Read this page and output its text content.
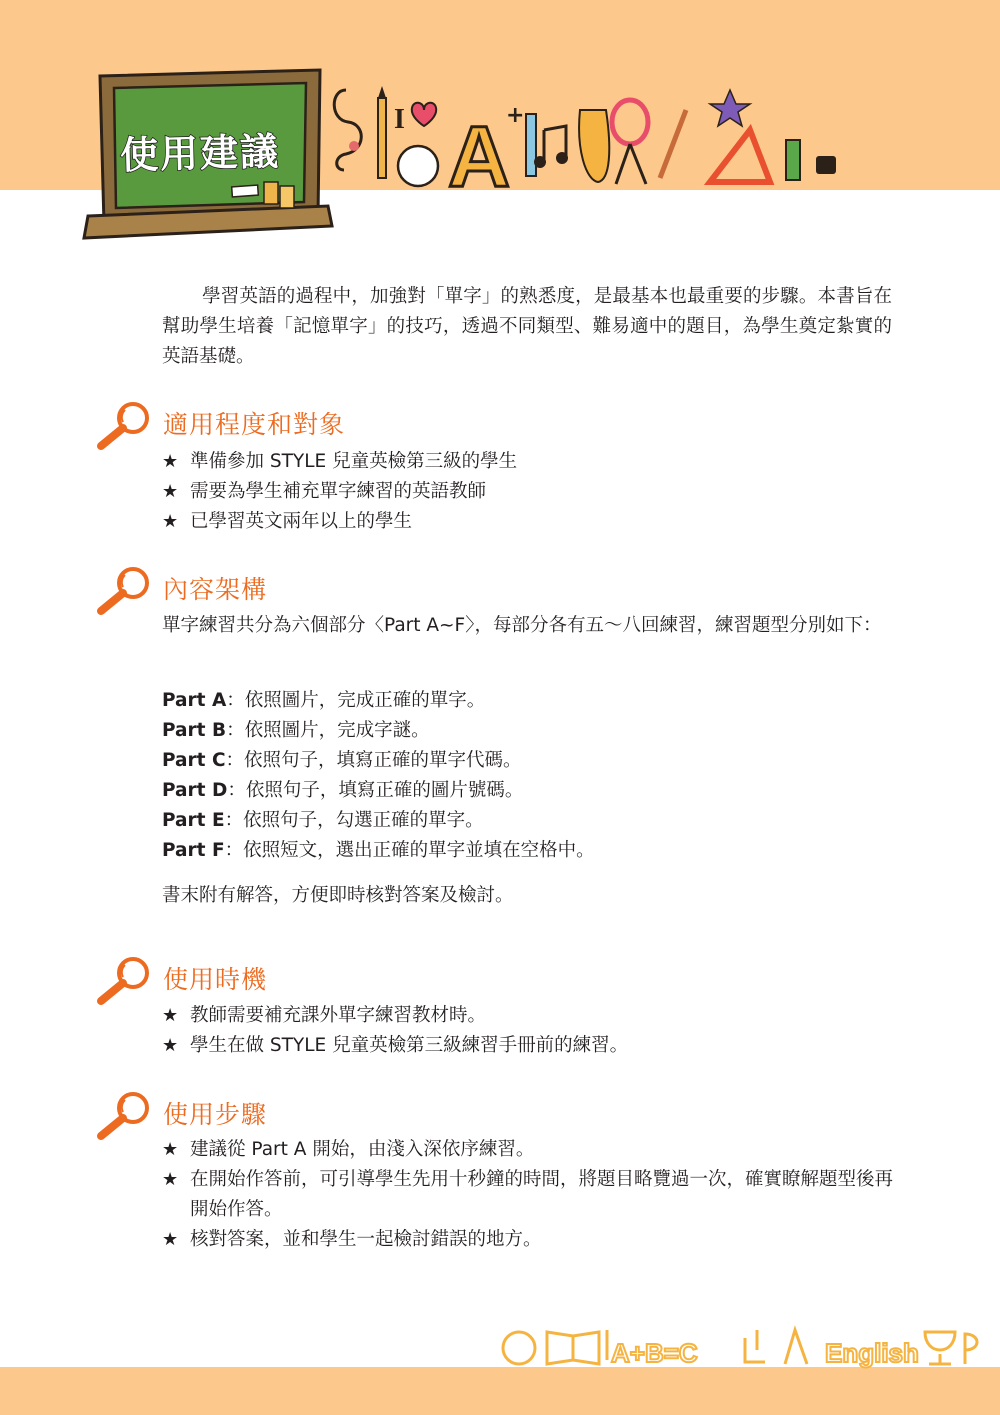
使用建議
I A
+
學習英語的過程中，加強對「單字」的熟悉度，是最基本也最重要的步驟。本書旨在幫助學生培養「記憶單字」的技巧，透過不同類型、難易適中的題目，為學生奠定紮實的英語基礎。
適用程度和對象
★ 準備參加 STYLE 兒童英檢第三級的學生
★ 需要為學生補充單字練習的英語教師
★ 已學習英文兩年以上的學生
內容架構
單字練習共分為六個部分〈Part A~F〉，每部分各有五～八回練習，練習題型分別如下：
Part A：依照圖片，完成正確的單字。
Part B：依照圖片，完成字謎。
Part C：依照句子，填寫正確的單字代碼。
Part D：依照句子，填寫正確的圖片號碼。
Part E：依照句子，勾選正確的單字。
Part F：依照短文，選出正確的單字並填在空格中。
書末附有解答，方便即時核對答案及檢討。
使用時機
★ 教師需要補充課外單字練習教材時。
★ 學生在做 STYLE 兒童英檢第三級練習手冊前的練習。
使用步驟
★ 建議從 Part A 開始，由淺入深依序練習。
★ 在開始作答前，可引導學生先用十秒鐘的時間，將題目略覽過一次，確實瞭解題型後再開始作答。
★ 核對答案，並和學生一起檢討錯誤的地方。
A+B=C	English
